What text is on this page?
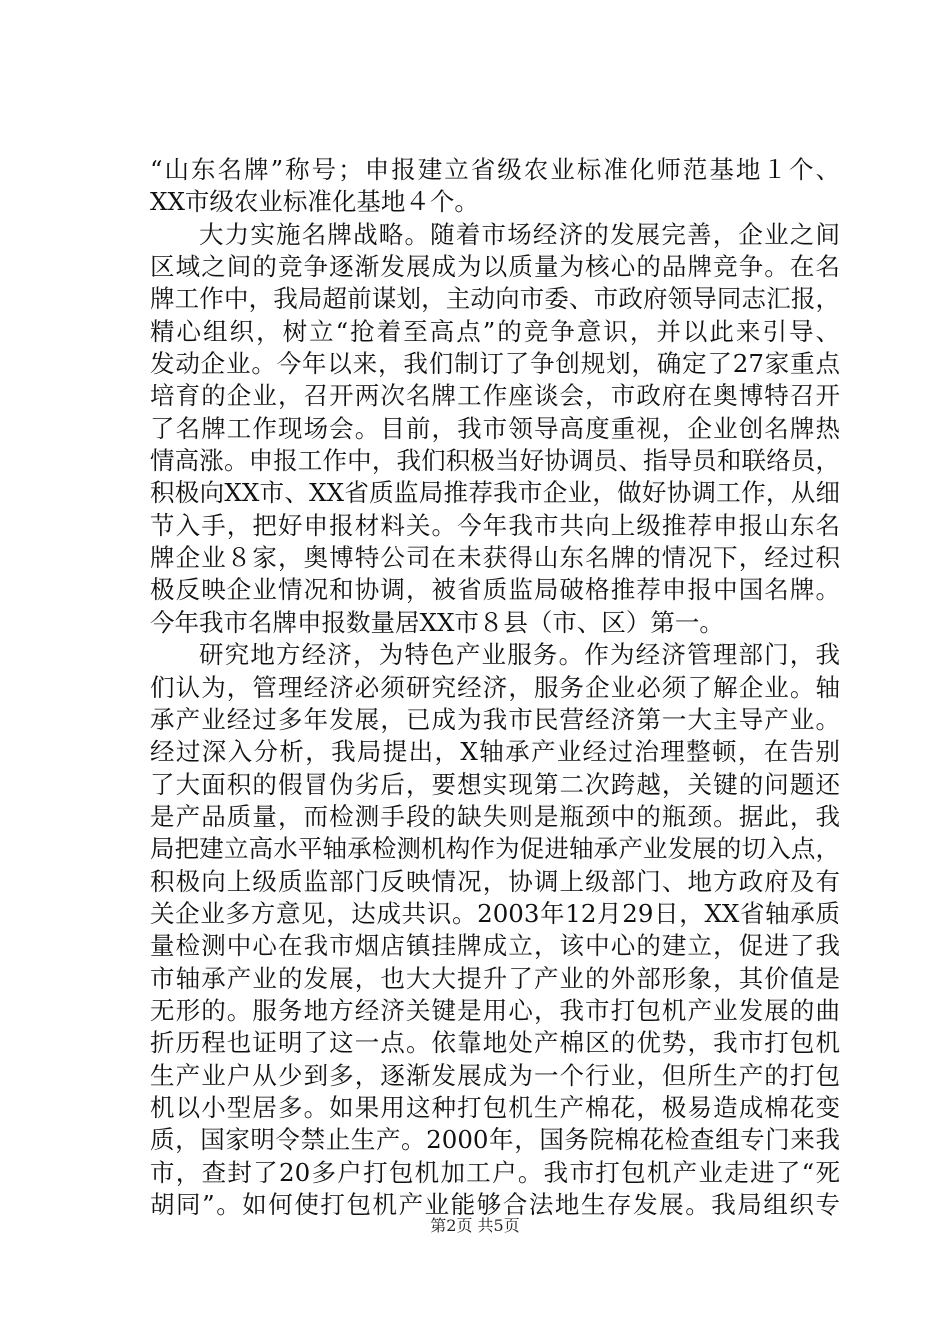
“山东名牌”称号；申报建立省级农业标准化师范基地１个、
XX市级农业标准化基地４个。
大力实施名牌战略。随着市场经济的发展完善，企业之间
区域之间的竞争逐渐发展成为以质量为核心的品牌竞争。在名
牌工作中，我局超前谋划，主动向市委、市政府领导同志汇报，
精心组织，树立“抢着至高点”的竞争意识，并以此来引导、
发动企业。今年以来，我们制订了争创规划，确定了27家重点
培育的企业，召开两次名牌工作座谈会，市政府在奥博特召开
了名牌工作现场会。目前，我市领导高度重视，企业创名牌热
情高涨。申报工作中，我们积极当好协调员、指导员和联络员，
积极向XX市、XX省质监局推荐我市企业，做好协调工作，从细
节入手，把好申报材料关。今年我市共向上级推荐申报山东名
牌企业８家，奥博特公司在未获得山东名牌的情况下，经过积
极反映企业情况和协调，被省质监局破格推荐申报中国名牌。
今年我市名牌申报数量居XX市８县（市、区）第一。
研究地方经济，为特色产业服务。作为经济管理部门，我
们认为，管理经济必须研究经济，服务企业必须了解企业。轴
承产业经过多年发展，已成为我市民营经济第一大主导产业。
经过深入分析，我局提出，X轴承产业经过治理整顿，在告别
了大面积的假冒伪劣后，要想实现第二次跨越，关键的问题还
是产品质量，而检测手段的缺失则是瓶颈中的瓶颈。据此，我
局把建立高水平轴承检测机构作为促进轴承产业发展的切入点，
积极向上级质监部门反映情况，协调上级部门、地方政府及有
关企业多方意见，达成共识。2003年12月29日，XX省轴承质
量检测中心在我市烟店镇挂牌成立，该中心的建立，促进了我
市轴承产业的发展，也大大提升了产业的外部形象，其价值是
无形的。服务地方经济关键是用心，我市打包机产业发展的曲
折历程也证明了这一点。依靠地处产棉区的优势，我市打包机
生产业户从少到多，逐渐发展成为一个行业，但所生产的打包
机以小型居多。如果用这种打包机生产棉花，极易造成棉花变
质，国家明令禁止生产。2000年，国务院棉花检查组专门来我
市，查封了20多户打包机加工户。我市打包机产业走进了“死
胡同”。如何使打包机产业能够合法地生存发展。我局组织专
第2页 共5页
